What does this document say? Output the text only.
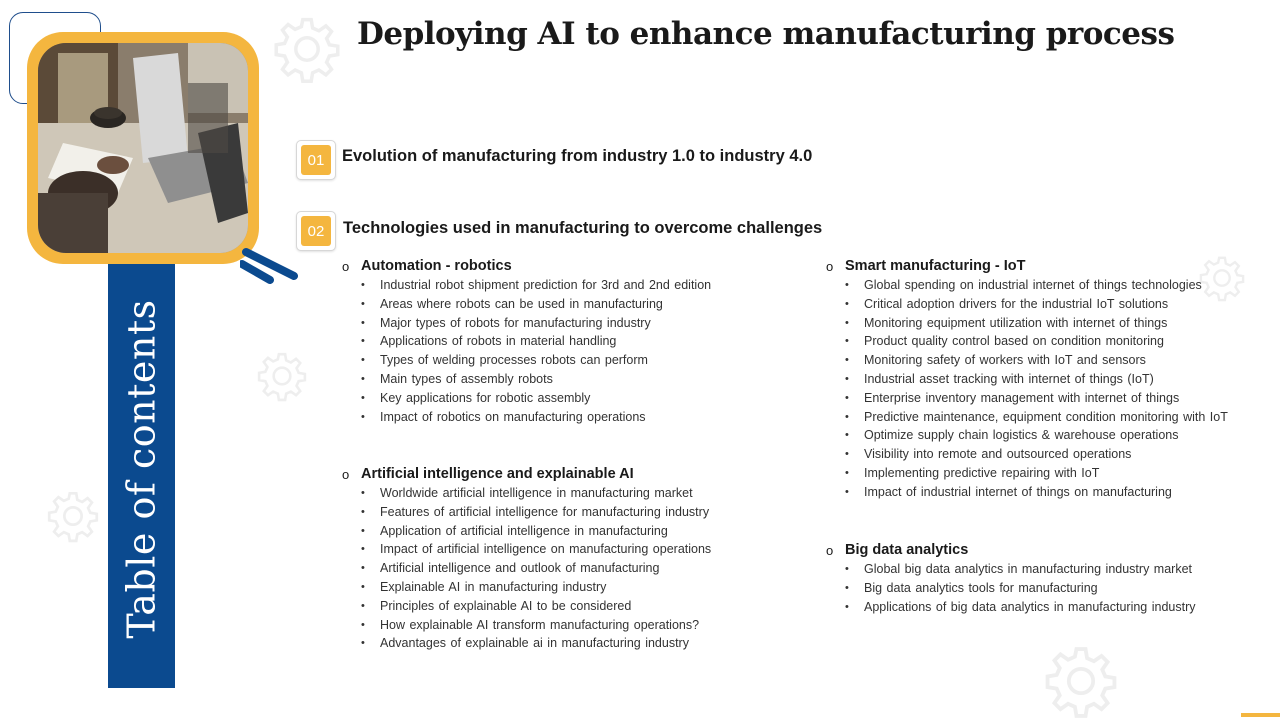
Table of contents
Deploying AI to enhance manufacturing process
01	Evolution of manufacturing from industry 1.0 to industry 4.0
02	Technologies used in manufacturing to overcome challenges
o Automation - robotics
• Industrial robot shipment prediction for 3rd and 2nd edition
• Areas where robots can be used in manufacturing
• Major types of robots for manufacturing industry
• Applications of robots in material handling
• Types of welding processes robots can perform
• Main types of assembly robots
• Key applications for robotic assembly
• Impact of robotics on manufacturing operations
o Artificial intelligence and explainable AI
• Worldwide artificial intelligence in manufacturing market
• Features of artificial intelligence for manufacturing industry
• Application of artificial intelligence in manufacturing
• Impact of artificial intelligence on manufacturing operations
• Artificial intelligence and outlook of manufacturing
• Explainable AI in manufacturing industry
• Principles of explainable AI to be considered
• How explainable AI transform manufacturing operations?
• Advantages of explainable ai in manufacturing industry
o Smart manufacturing - IoT
• Global spending on industrial internet of things technologies
• Critical adoption drivers for the industrial IoT solutions
• Monitoring equipment utilization with internet of things
• Product quality control based on condition monitoring
• Monitoring safety of workers with IoT and sensors
• Industrial asset tracking with internet of things (IoT)
• Enterprise inventory management with internet of things
• Predictive maintenance, equipment condition monitoring with IoT
• Optimize supply chain logistics & warehouse operations
• Visibility into remote and outsourced operations
• Implementing predictive repairing with IoT
• Impact of industrial internet of things on manufacturing
o Big data analytics
• Global big data analytics in manufacturing industry market
• Big data analytics tools for manufacturing
• Applications of big data analytics in manufacturing industry
